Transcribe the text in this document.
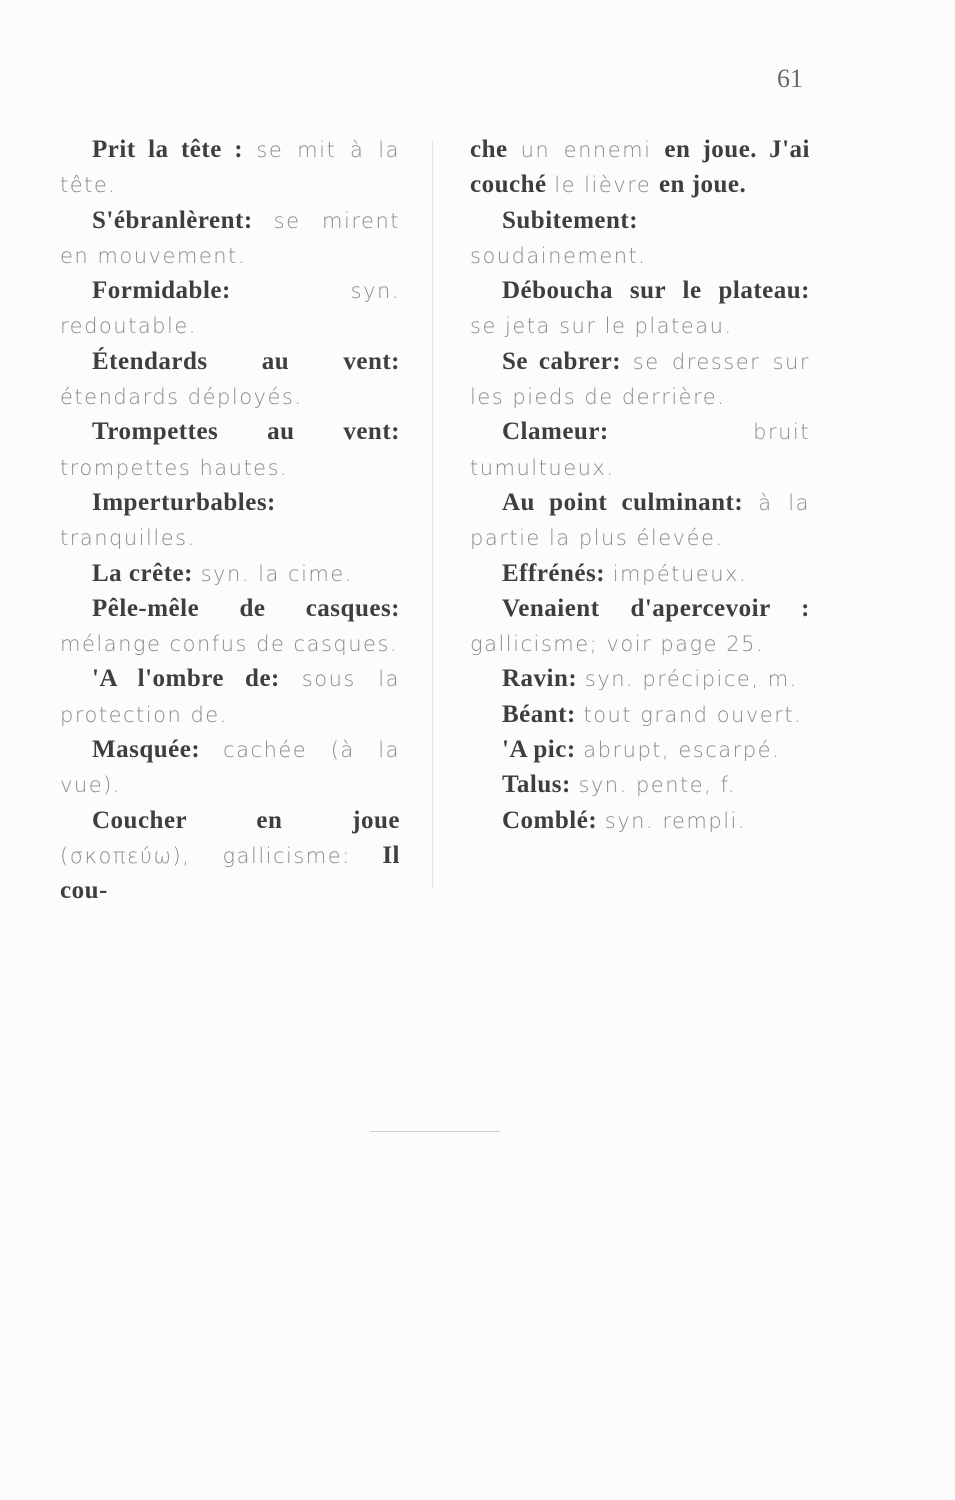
61

Prit la tête : se mit à la tête.

S'ébranlèrent: se mirent en mouvement.

Formidable:	syn. redoutable.

Étendards au vent: étendards déployés.

Trompettes au vent: trompettes hautes.

Imperturbables: tranquilles.

La crête: syn. la cime.

Pêle-mêle de casques: mélange confus de casques.

'A l'ombre de: sous la protection de.

Masquée: cachée (à la vue).

Coucher en joue (σκοπεύω), gallicisme: Il cou-

che un ennemi en joue. J'ai couché le lièvre en joue.

Subitement: soudainement.

Déboucha sur le plateau: se jeta sur le plateau.

Se cabrer: se dresser sur les pieds de derrière.

Clameur:	bruit tumultueux.

Au point culminant: à la partie la plus élevée.

Effrénés: impétueux.

Venaient d'apercevoir : gallicisme; voir page 25.

Ravin: syn. précipice, m.

Béant: tout grand ouvert.

'A pic: abrupt, escarpé.

Talus: syn. pente, f.

Comblé: syn. rempli.
